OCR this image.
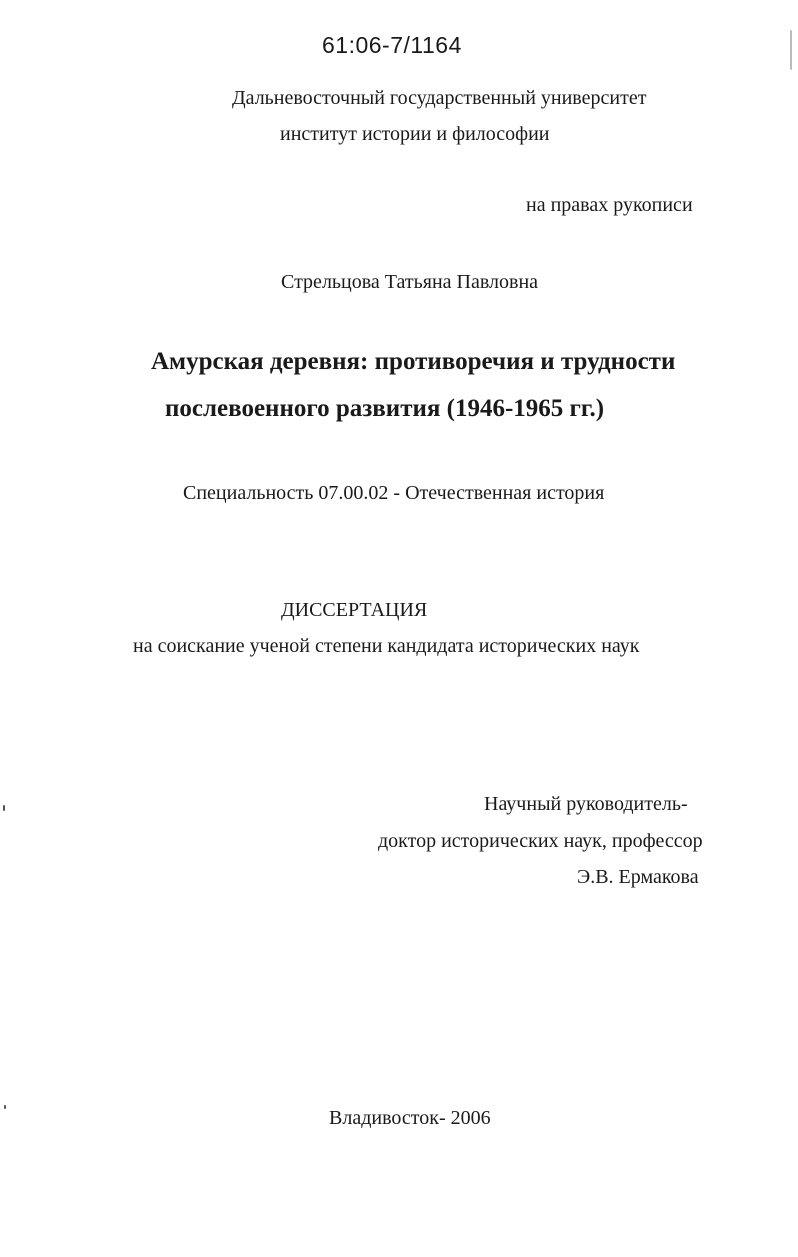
61:06-7/1164
Дальневосточный государственный университет
институт истории и философии
на правах рукописи
Стрельцова Татьяна Павловна
Амурская деревня: противоречия и трудности
послевоенного развития (1946-1965 гг.)
Специальность 07.00.02 - Отечественная история
ДИССЕРТАЦИЯ
на соискание ученой степени кандидата исторических наук
Научный руководитель-
доктор исторических наук, профессор
Э.В. Ермакова
Владивосток- 2006
